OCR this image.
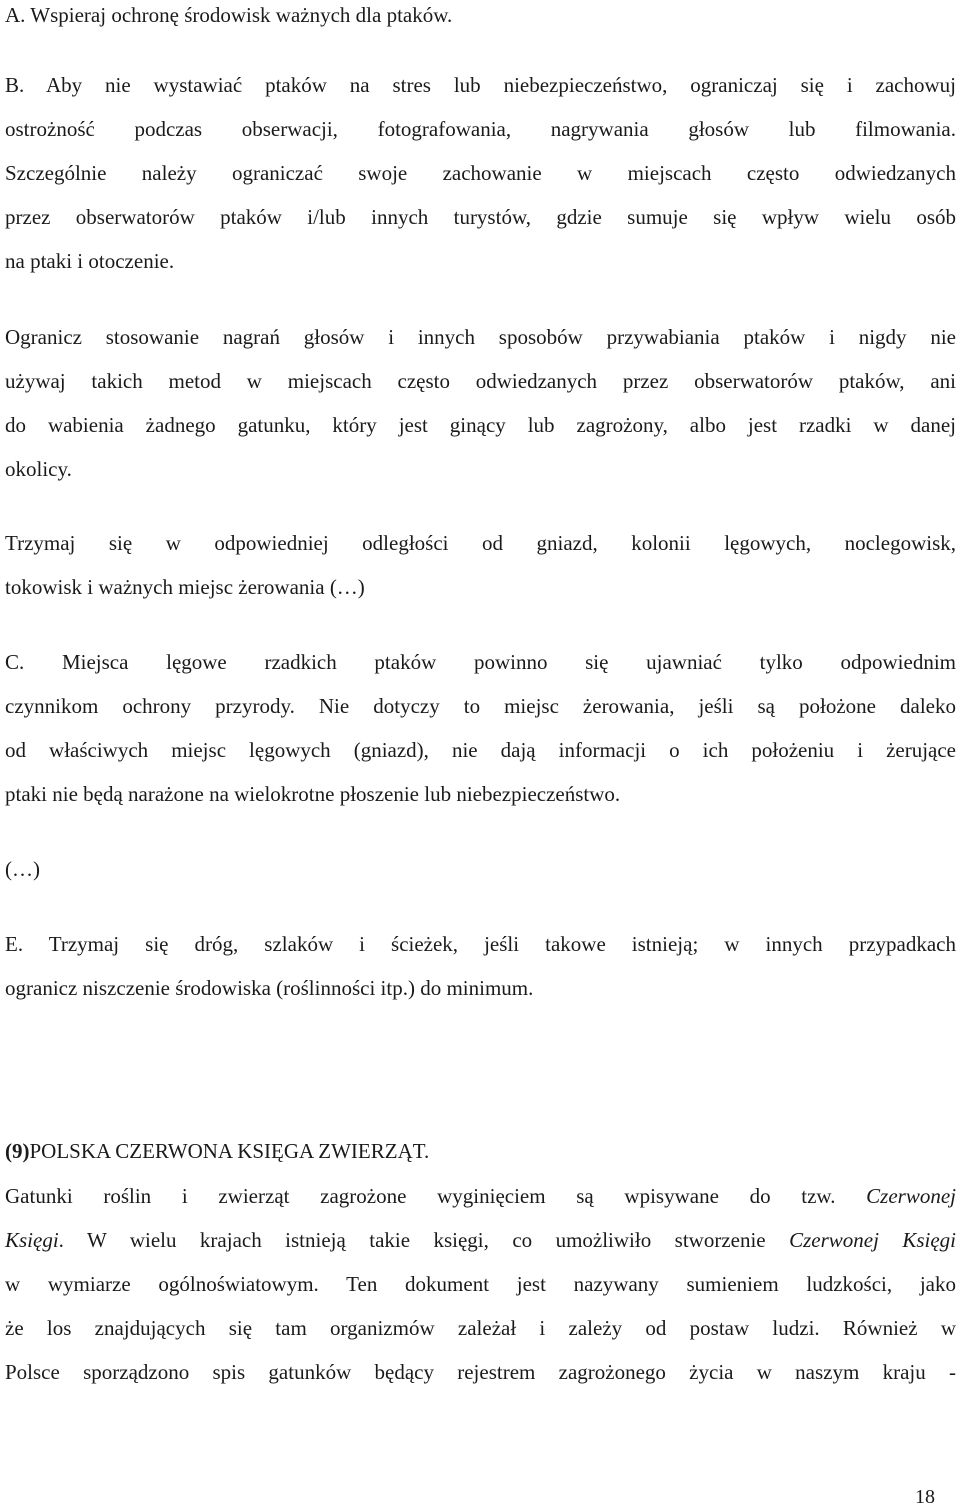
A. Wspieraj ochronę środowisk ważnych dla ptaków.
B. Aby nie wystawiać ptaków na stres lub niebezpieczeństwo, ograniczaj się i zachowuj
ostrożność podczas obserwacji, fotografowania, nagrywania głosów lub filmowania.
Szczególnie należy ograniczać swoje zachowanie w miejscach często odwiedzanych
przez obserwatorów ptaków i/lub innych turystów, gdzie sumuje się wpływ wielu osób
na ptaki i otoczenie.
Ogranicz stosowanie nagrań głosów i innych sposobów przywabiania ptaków i nigdy nie
używaj takich metod w miejscach często odwiedzanych przez obserwatorów ptaków, ani
do wabienia żadnego gatunku, który jest ginący lub zagrożony, albo jest rzadki w danej
okolicy.
Trzymaj się w odpowiedniej odległości od gniazd, kolonii lęgowych, noclegowisk,
tokowisk i ważnych miejsc żerowania (…)
C. Miejsca lęgowe rzadkich ptaków powinno się ujawniać tylko odpowiednim
czynnikom ochrony przyrody. Nie dotyczy to miejsc żerowania, jeśli są położone daleko
od właściwych miejsc lęgowych (gniazd), nie dają informacji o ich położeniu i żerujące
ptaki nie będą narażone na wielokrotne płoszenie lub niebezpieczeństwo.
(…)
E. Trzymaj się dróg, szlaków i ścieżek, jeśli takowe istnieją; w innych przypadkach
ogranicz niszczenie środowiska (roślinności itp.) do minimum.
(9)POLSKA CZERWONA KSIĘGA ZWIERZĄT.
Gatunki roślin i zwierząt zagrożone wyginięciem są wpisywane do tzw. Czerwonej
Księgi. W wielu krajach istnieją takie księgi, co umożliwiło stworzenie Czerwonej Księgi
w wymiarze ogólnoświatowym. Ten dokument jest nazywany sumieniem ludzkości, jako
że los znajdujących się tam organizmów zależał i zależy od postaw ludzi. Również w
Polsce sporządzono spis gatunków będący rejestrem zagrożonego życia w naszym kraju -
18
